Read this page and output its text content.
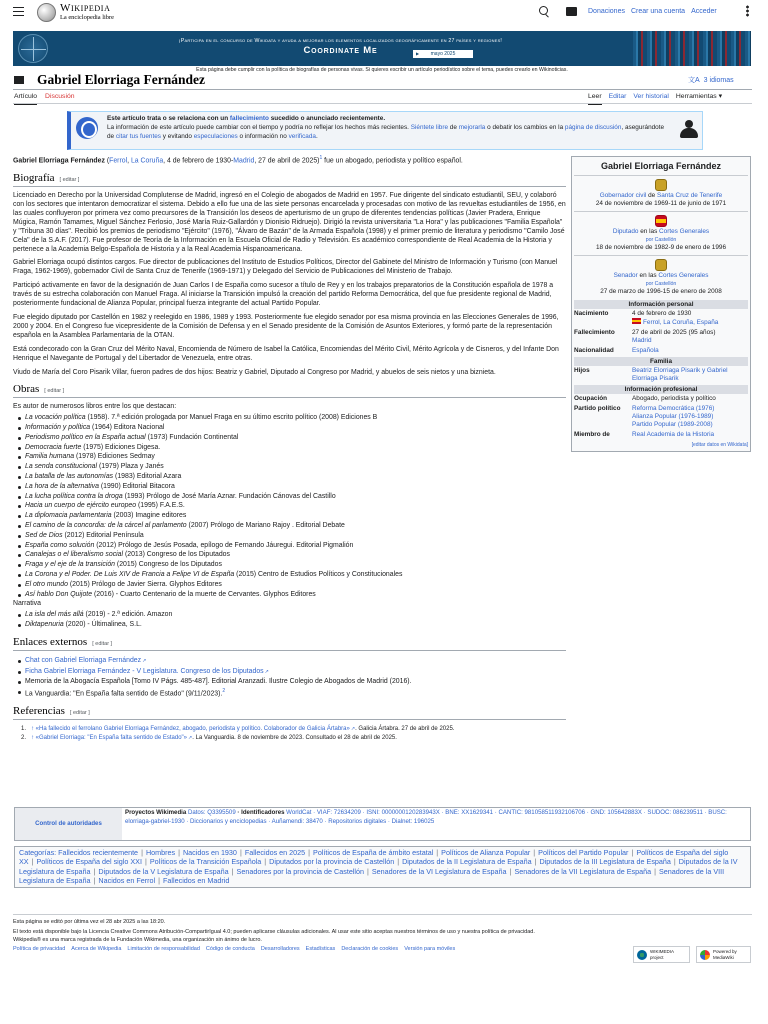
Wikipedia
La enciclopedia libre
Donaciones Crear una cuenta Acceder
¡Participa en el concurso de Wikidata y ayuda a mejorar los elementos localizados geográficamente en 27 países y regiones!
Coordinate Me
▶	mayo 2025
Esta página debe cumplir con la política de biografías de personas vivas. Si quieres escribir un artículo periodístico sobre el tema, puedes crearlo en Wikinoticias.
Gabriel Elorriaga Fernández	文A 3 idiomas
Artículo Discusión	Leer Editar Ver historial Herramientas ▾
Este artículo trata o se relaciona con un fallecimiento sucedido o anunciado recientemente.
La información de este artículo puede cambiar con el tiempo y podría no reflejar los hechos más recientes. Siéntete libre de mejorarla o debatir los cambios en la página de discusión, asegurándote de citar tus fuentes y evitando especulaciones o información no verificada.
Gabriel Elorriaga Fernández
Gobernador civil de Santa Cruz de Tenerife
24 de noviembre de 1969-11 de junio de 1971
Diputado en las Cortes Generales
por Castellón
18 de noviembre de 1982-9 de enero de 1996
Senador en las Cortes Generales
por Castellón
27 de marzo de 1996-15 de enero de 2008
Información personal
Nacimiento	4 de febrero de 1930
Ferrol, La Coruña, España
Fallecimiento	27 de abril de 2025 (95 años)
Madrid
Nacionalidad	Española
Familia
Hijos	Beatriz Elorriaga Pisarik y Gabriel Elorriaga Pisarik
Información profesional
Ocupación	Abogado, periodista y político
Partido político	Reforma Democrática (1976)
Alianza Popular (1976-1989)
Partido Popular (1989-2008)
Miembro de	Real Academia de la Historia
[editar datos en Wikidata]

Gabriel Elorriaga Fernández (Ferrol, La Coruña, 4 de febrero de 1930-Madrid, 27 de abril de 2025)$^1$ fue un abogado, periodista y político español.

Biografía [ editar ]

Licenciado en Derecho por la Universidad Complutense de Madrid, ingresó en el Colegio de abogados de Madrid en 1957. Fue dirigente del sindicato estudiantil, SEU, y colaboró con los sectores que intentaron democratizar el sistema. Debido a ello fue una de las siete personas encarcelada y procesadas con motivo de las revueltas estudiantiles de 1956, en las cuales confluyeron por primera vez como precursores de la Transición los deseos de aperturismo de un grupo de diferentes tendencias políticas (Javier Pradera, Enrique Múgica, Ramón Tamames, Miguel Sánchez Ferlosio, José María Ruiz-Gallardón y Dionisio Ridruejo). Dirigió la revista universitaria "La Hora" y las publicaciones "Familia Española" y "Tribuna 30 días". Recibió los premios de periodismo "Ejército" (1976), "Álvaro de Bazán" de la Armada Española (1998) y el primer premio de literatura y periodismo "Camilo José Cela" de la S.A.F. (2017). Fue profesor de Teoría de la Información en la Escuela Oficial de Radio y Televisión. Es académico correspondiente de Real Academia de la Historia y pertenece a la Academia Belgo-Española de Historia y a la Real Academia Hispanoamericana.

Gabriel Elorriaga ocupó distintos cargos. Fue director de publicaciones del Instituto de Estudios Políticos, Director del Gabinete del Ministro de Información y Turismo (con Manuel Fraga, 1962-1969), gobernador Civil de Santa Cruz de Tenerife (1969-1971) y Delegado del Servicio de Publicaciones del Ministerio de Trabajo.

Participó activamente en favor de la designación de Juan Carlos I de España como sucesor a título de Rey y en los trabajos preparatorios de la Constitución española de 1978 a través de su estrecha colaboración con Manuel Fraga. Al iniciarse la Transición impulsó la creación del partido Reforma Democrática, del que fue presidente regional de Madrid, posteriormente fundacional de Alianza Popular, principal fuerza integrante del actual Partido Popular.

Fue elegido diputado por Castellón en 1982 y reelegido en 1986, 1989 y 1993. Posteriormente fue elegido senador por esa misma provincia en las Elecciones Generales de 1996, 2000 y 2004. En el Congreso fue vicepresidente de la Comisión de Defensa y en el Senado presidente de la Comisión de Asuntos Exteriores, y formó parte de la representación española en la Asamblea Parlamentaria de la OTAN.

Está condecorado con la Gran Cruz del Mérito Naval, Encomienda de Número de Isabel la Católica, Encomiendas del Mérito Civil, Mérito Agrícola y de Cisneros, y del Infante Don Henrique el Navegante de Portugal y del Libertador de Venezuela, entre otras.

Viudo de María del Coro Pisarik Villar, fueron padres de dos hijos: Beatriz y Gabriel, Diputado al Congreso por Madrid, y abuelos de seis nietos y una biznieta.

Obras [ editar ]

Es autor de numerosos libros entre los que destacan:

La vocación política (1958). 7.ª edición prologada por Manuel Fraga en su último escrito político (2008) Ediciones B
Información y política (1964) Editora Nacional
Periodismo político en la España actual (1973) Fundación Continental
Democracia fuerte (1975) Ediciones Digesa.
Familia humana (1978) Ediciones Sedmay
La senda constitucional (1979) Plaza y Janés
La batalla de las autonomías (1983) Editorial Azara
La hora de la alternativa (1990) Editorial Bitacora
La lucha política contra la droga (1993) Prólogo de José María Aznar. Fundación Cánovas del Castillo
Hacia un cuerpo de ejército europeo (1995) F.A.E.S.
La diplomacia parlamentaria (2003) Imagine editores
El camino de la concordia: de la cárcel al parlamento (2007) Prólogo de Mariano Rajoy . Editorial Debate
Sed de Dios (2012) Editorial Península
España como solución (2012) Prólogo de Jesús Posada, epílogo de Fernando Jáuregui. Editorial Pigmalión
Canalejas o el liberalismo social (2013) Congreso de los Diputados
Fraga y el eje de la transición (2015) Congreso de los Diputados
La Corona y el Poder. De Luis XIV de Francia a Felipe VI de España (2015) Centro de Estudios Políticos y Constitucionales
El otro mundo (2015) Prólogo de Javier Sierra. Glyphos Editores
Así hablo Don Quijote (2016) - Cuarto Centenario de la muerte de Cervantes. Glyphos Editores

Narrativa

La isla del más allá (2019) - 2.ª edición. Amazon
Diktapenuria (2020) - Últimalinea, S.L.
Enlaces externos [ editar ]
Chat con Gabriel Elorriaga Fernández ↗
Ficha Gabriel Elorriaga Fernández - V Legislatura. Congreso de los Diputados ↗
Memoria de la Abogacía Española [Tomo IV Págs. 485-487]. Editorial Aranzadi. Ilustre Colegio de Abogados de Madrid (2016).
La Vanguardia: "En España falta sentido de Estado" (9/11/2023).$^2$
Referencias [ editar ]
1. ↑ «Ha fallecido el ferrolano Gabriel Elorriaga Fernández, abogado, periodista y político. Colaborador de Galicia Ártabra» ↗ . Galicia Ártabra. 27 de abril de 2025.
2. ↑ «Gabriel Elorriaga: "En España falta sentido de Estado"» ↗ . La Vanguardia. 8 de noviembre de 2023. Consultado el 28 de abril de 2025.
Control de autoridades
Proyectos Wikimedia Datos: Q3395509 · Identificadores WorldCat · VIAF: 72634209 · ISNI: 0000000120283943X · BNE: XX1629341 · CANTIC: 981058511932106706 · GND: 105642883X · SUDOC: 086239511 · BUSC: elorriaga-gabriel-1930 · Diccionarios y enciclopedias · Auñamendi: 38470 · Repositorios digitales · Dialnet: 196025
Categorías: Fallecidos recientemente | Hombres | Nacidos en 1930 | Fallecidos en 2025 | Políticos de España de ámbito estatal | Políticos de Alianza Popular | Políticos del Partido Popular | Políticos de España del siglo XX | Políticos de España del siglo XXI | Políticos de la Transición Española | Diputados por la provincia de Castellón | Diputados de la II Legislatura de España | Diputados de la III Legislatura de España | Diputados de la IV Legislatura de España | Diputados de la V Legislatura de España | Senadores por la provincia de Castellón | Senadores de la VI Legislatura de España | Senadores de la VII Legislatura de España | Senadores de la VIII Legislatura de España | Nacidos en Ferrol | Fallecidos en Madrid
Esta página se editó por última vez el 28 abr 2025 a las 18:20.
El texto está disponible bajo la Licencia Creative Commons Atribución-CompartirIgual 4.0; pueden aplicarse cláusulas adicionales. Al usar este sitio aceptas nuestros términos de uso y nuestra política de privacidad.
Wikipedia® es una marca registrada de la Fundación Wikimedia, una organización sin ánimo de lucro.
Política de privacidad Acerca de Wikipedia Limitación de responsabilidad Código de conducta Desarrolladores Estadísticas Declaración de cookies Versión para móviles	WIKIMEDIA project
Powered by MediaWiki
